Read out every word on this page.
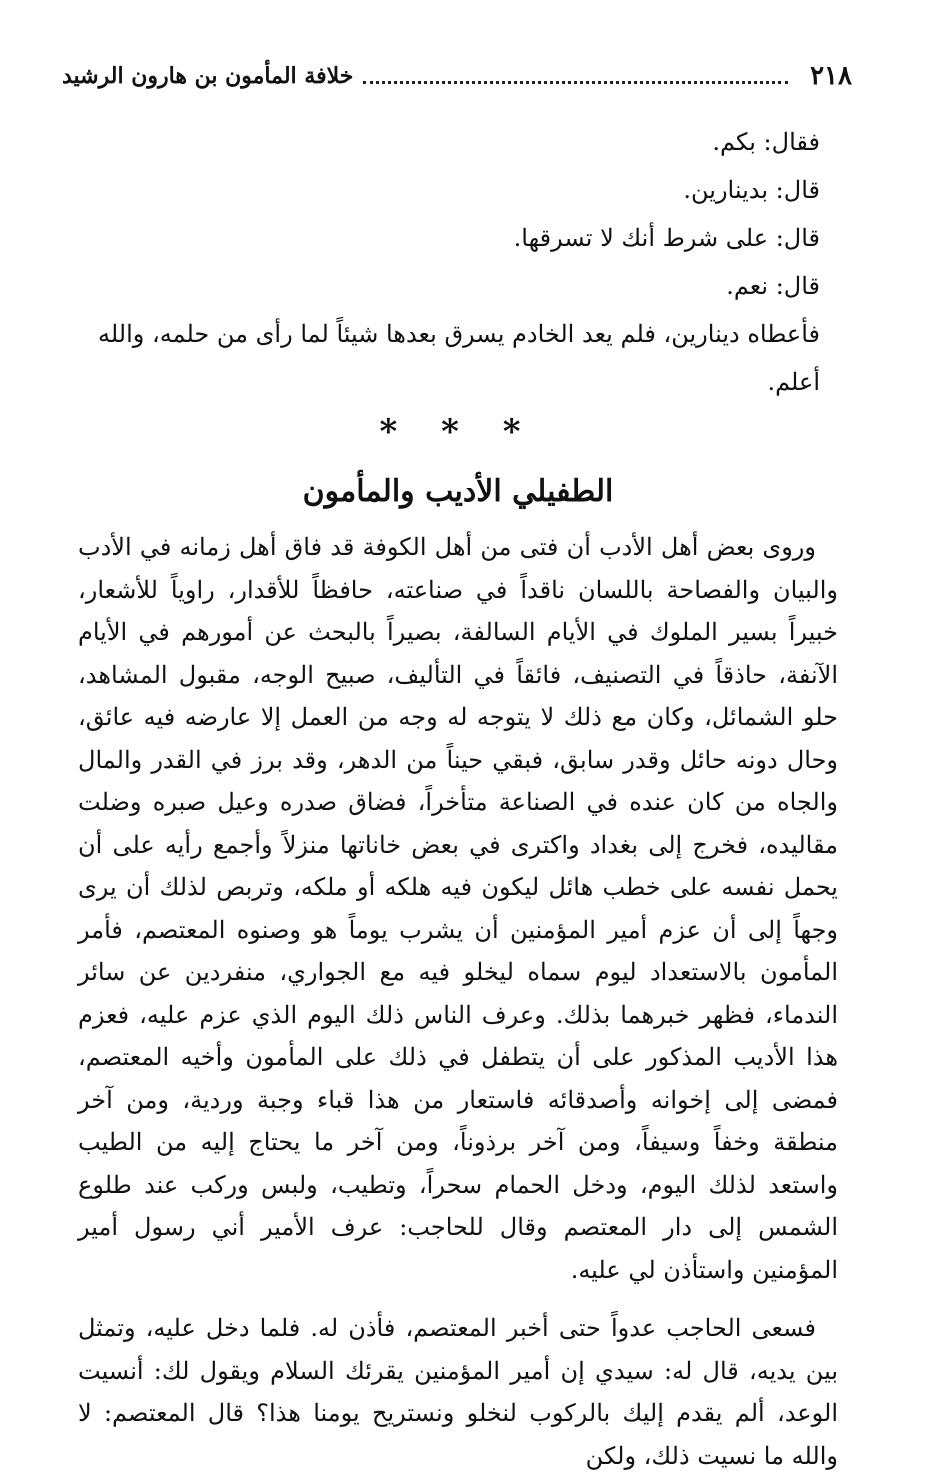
٢١٨
خلافة المأمون بن هارون الرشيد

فقال: بكم.

قال: بدينارين.

قال: على شرط أنك لا تسرقها.

قال: نعم.

فأعطاه دينارين، فلم يعد الخادم يسرق بعدها شيئاً لما رأى من حلمه، والله أعلم.

* * *
الطفيلي الأديب والمأمون

وروى بعض أهل الأدب أن فتى من أهل الكوفة قد فاق أهل زمانه في الأدب والبيان والفصاحة باللسان ناقداً في صناعته، حافظاً للأقدار، راوياً للأشعار، خبيراً بسير الملوك في الأيام السالفة، بصيراً بالبحث عن أمورهم في الأيام الآنفة، حاذقاً في التصنيف، فائقاً في التأليف، صبيح الوجه، مقبول المشاهد، حلو الشمائل، وكان مع ذلك لا يتوجه له وجه من العمل إلا عارضه فيه عائق، وحال دونه حائل وقدر سابق، فبقي حيناً من الدهر، وقد برز في القدر والمال والجاه من كان عنده في الصناعة متأخراً، فضاق صدره وعيل صبره وضلت مقاليده، فخرج إلى بغداد واكترى في بعض خاناتها منزلاً وأجمع رأيه على أن يحمل نفسه على خطب هائل ليكون فيه هلكه أو ملكه، وتربص لذلك أن يرى وجهاً إلى أن عزم أمير المؤمنين أن يشرب يوماً هو وصنوه المعتصم، فأمر المأمون بالاستعداد ليوم سماه ليخلو فيه مع الجواري، منفردين عن سائر الندماء، فظهر خبرهما بذلك. وعرف الناس ذلك اليوم الذي عزم عليه، فعزم هذا الأديب المذكور على أن يتطفل في ذلك على المأمون وأخيه المعتصم، فمضى إلى إخوانه وأصدقائه فاستعار من هذا قباء وجبة وردية، ومن آخر منطقة وخفاً وسيفاً، ومن آخر برذوناً، ومن آخر ما يحتاج إليه من الطيب واستعد لذلك اليوم، ودخل الحمام سحراً، وتطيب، ولبس وركب عند طلوع الشمس إلى دار المعتصم وقال للحاجب: عرف الأمير أني رسول أمير المؤمنين واستأذن لي عليه.

فسعى الحاجب عدواً حتى أخبر المعتصم، فأذن له. فلما دخل عليه، وتمثل بين يديه، قال له: سيدي إن أمير المؤمنين يقرئك السلام ويقول لك: أنسيت الوعد، ألم يقدم إليك بالركوب لنخلو ونستريح يومنا هذا؟ قال المعتصم: لا والله ما نسيت ذلك، ولكن
